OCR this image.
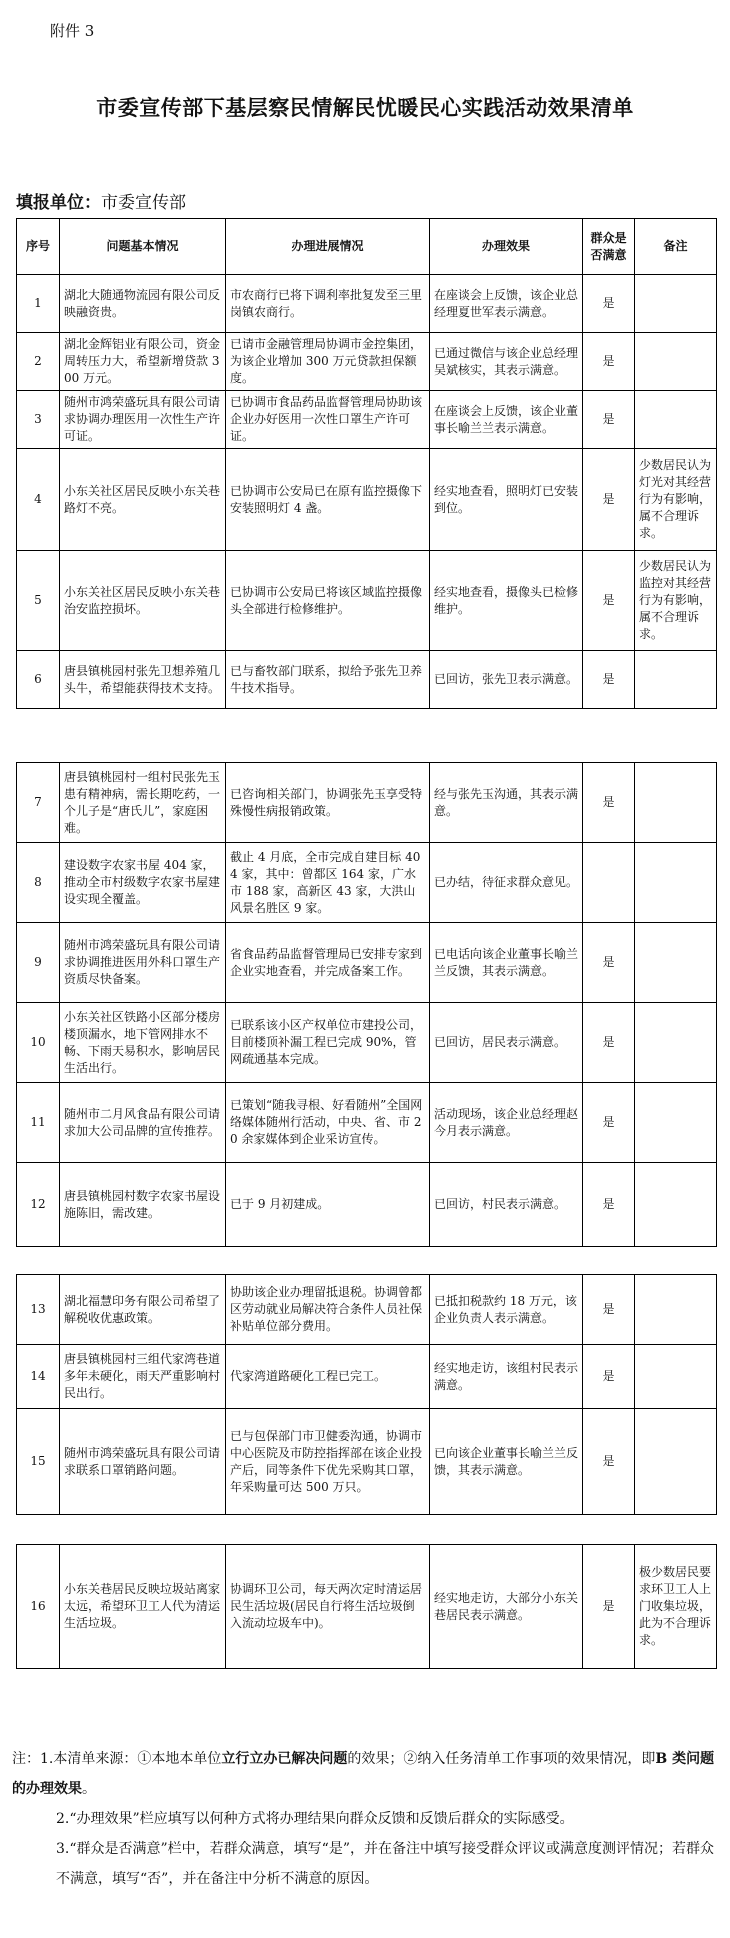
附件 3
市委宣传部下基层察民情解民忧暖民心实践活动效果清单
填报单位：市委宣传部
序号	问题基本情况	办理进展情况	办理效果	群众是否满意	备注
1	湖北大随通物流园有限公司反映融资贵。	市农商行已将下调利率批复发至三里岗镇农商行。	在座谈会上反馈，该企业总经理夏世军表示满意。	是	
2	湖北金辉铝业有限公司，资金周转压力大，希望新增贷款 300 万元。	已请市金融管理局协调市金控集团，为该企业增加 300 万元贷款担保额度。	已通过微信与该企业总经理吴斌核实，其表示满意。	是	
3	随州市鸿荣盛玩具有限公司请求协调办理医用一次性生产许可证。	已协调市食品药品监督管理局协助该企业办好医用一次性口罩生产许可证。	在座谈会上反馈，该企业董事长喻兰兰表示满意。	是	
4	小东关社区居民反映小东关巷路灯不亮。	已协调市公安局已在原有监控摄像下安装照明灯 4 盏。	经实地查看，照明灯已安装到位。	是	少数居民认为灯光对其经营行为有影响，属不合理诉求。
5	小东关社区居民反映小东关巷治安监控损坏。	已协调市公安局已将该区域监控摄像头全部进行检修维护。	经实地查看，摄像头已检修维护。	是	少数居民认为监控对其经营行为有影响，属不合理诉求。
6	唐县镇桃园村张先卫想养殖几头牛，希望能获得技术支持。	已与畜牧部门联系，拟给予张先卫养牛技术指导。	已回访，张先卫表示满意。	是	
7	唐县镇桃园村一组村民张先玉患有精神病，需长期吃药，一个儿子是“唐氏儿”，家庭困难。	已咨询相关部门，协调张先玉享受特殊慢性病报销政策。	经与张先玉沟通，其表示满意。	是	
8	建设数字农家书屋 404 家，推动全市村级数字农家书屋建设实现全覆盖。	截止 4 月底，全市完成自建目标 404 家，其中：曾都区 164 家，广水市 188 家，高新区 43 家，大洪山风景名胜区 9 家。	已办结，待征求群众意见。		
9	随州市鸿荣盛玩具有限公司请求协调推进医用外科口罩生产资质尽快备案。	省食品药品监督管理局已安排专家到企业实地查看，并完成备案工作。	已电话向该企业董事长喻兰兰反馈，其表示满意。	是	
10	小东关社区铁路小区部分楼房楼顶漏水，地下管网排水不畅、下雨天易积水，影响居民生活出行。	已联系该小区产权单位市建投公司，目前楼顶补漏工程已完成 90%，管网疏通基本完成。	已回访，居民表示满意。	是	
11	随州市二月风食品有限公司请求加大公司品牌的宣传推荐。	已策划“随我寻根、好看随州”全国网络媒体随州行活动，中央、省、市 20 余家媒体到企业采访宣传。	活动现场，该企业总经理赵今月表示满意。	是	
12	唐县镇桃园村数字农家书屋设施陈旧，需改建。	已于 9 月初建成。	已回访，村民表示满意。	是	
13	湖北福慧印务有限公司希望了解税收优惠政策。	协助该企业办理留抵退税。协调曾都区劳动就业局解决符合条件人员社保补贴单位部分费用。	已抵扣税款约 18 万元，该企业负责人表示满意。	是	
14	唐县镇桃园村三组代家湾巷道多年未硬化，雨天严重影响村民出行。	代家湾道路硬化工程已完工。	经实地走访，该组村民表示满意。	是	
15	随州市鸿荣盛玩具有限公司请求联系口罩销路问题。	已与包保部门市卫健委沟通，协调市中心医院及市防控指挥部在该企业投产后，同等条件下优先采购其口罩，年采购量可达 500 万只。	已向该企业董事长喻兰兰反馈，其表示满意。	是	
16	小东关巷居民反映垃圾站离家太远，希望环卫工人代为清运生活垃圾。	协调环卫公司，每天两次定时清运居民生活垃圾(居民自行将生活垃圾倒入流动垃圾车中)。	经实地走访，大部分小东关巷居民表示满意。	是	极少数居民要求环卫工人上门收集垃圾，此为不合理诉求。
注：1.本清单来源：①本地本单位立行立办已解决问题的效果；②纳入任务清单工作事项的效果情况，即B 类问题的办理效果。
2.“办理效果”栏应填写以何种方式将办理结果向群众反馈和反馈后群众的实际感受。
3.“群众是否满意”栏中，若群众满意，填写“是”，并在备注中填写接受群众评议或满意度测评情况；若群众不满意，填写“否”，并在备注中分析不满意的原因。
